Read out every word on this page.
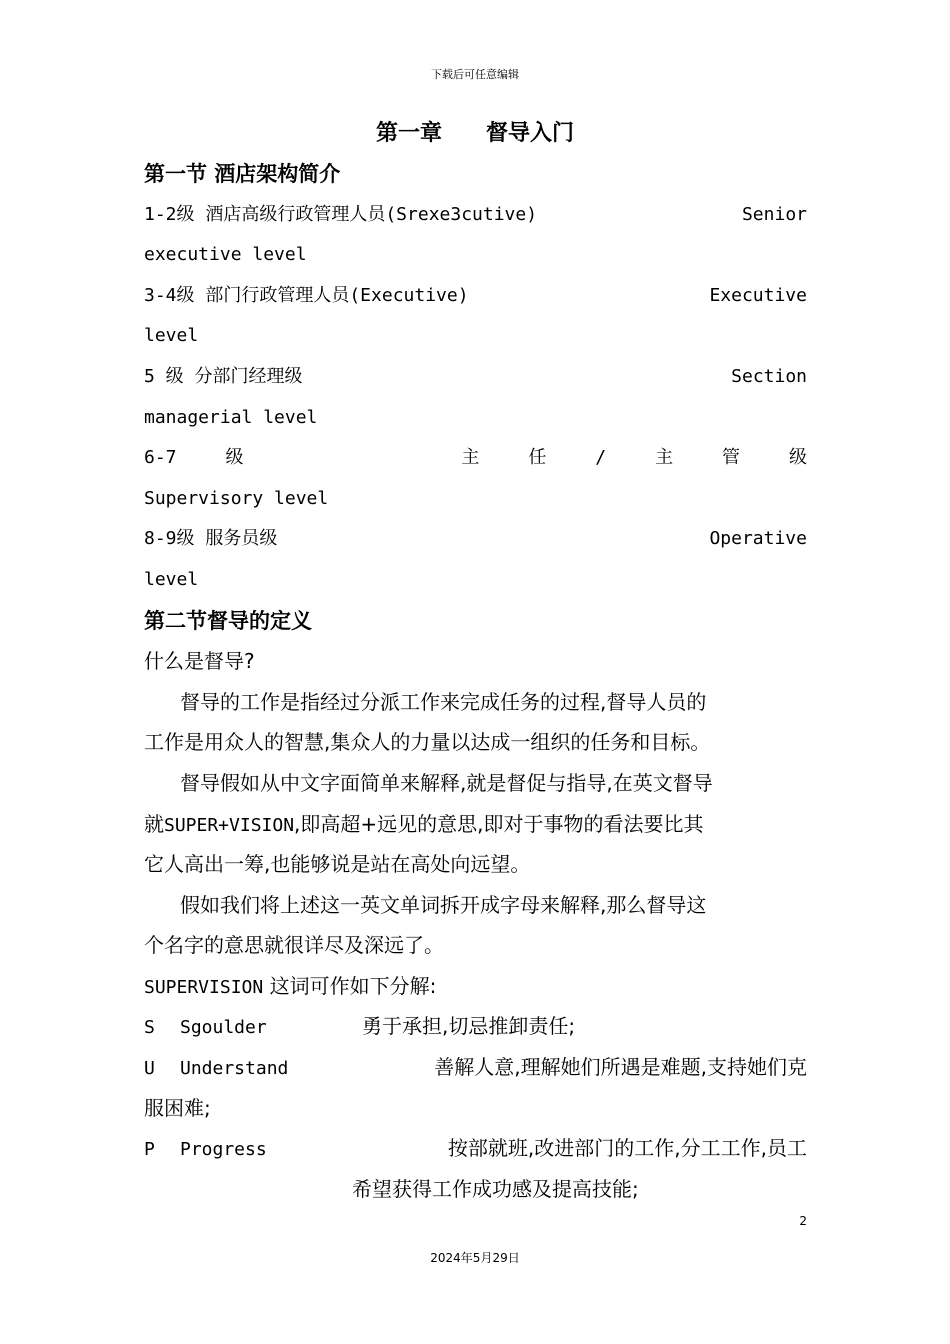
下载后可任意编辑
第一章 督导入门
第一节 酒店架构简介
1-2级 酒店高级行政管理人员(Srexe3cutive)	Senior
executive level
3-4级 部门行政管理人员(Executive)	Executive
level
5 级 分部门经理级	Section
managerial level
6-7	级	主	任	/	主	管	级
Supervisory level
8-9级 服务员级	Operative
level
第二节督导的定义
什么是督导?
督导的工作是指经过分派工作来完成任务的过程,督导人员的
工作是用众人的智慧,集众人的力量以达成一组织的任务和目标。
督导假如从中文字面简单来解释,就是督促与指导,在英文督导
就SUPER+VISION,即高超+远见的意思,即对于事物的看法要比其
它人高出一筹,也能够说是站在高处向远望。
假如我们将上述这一英文单词拆开成字母来解释,那么督导这
个名字的意思就很详尽及深远了。
SUPERVISION 这词可作如下分解:
S Sgoulder	勇于承担,切忌推卸责任;
U Understand	善解人意,理解她们所遇是难题,支持她们克
服困难;
P Progress	按部就班,改进部门的工作,分工工作,员工
希望获得工作成功感及提高技能;
2
2024年5月29日
